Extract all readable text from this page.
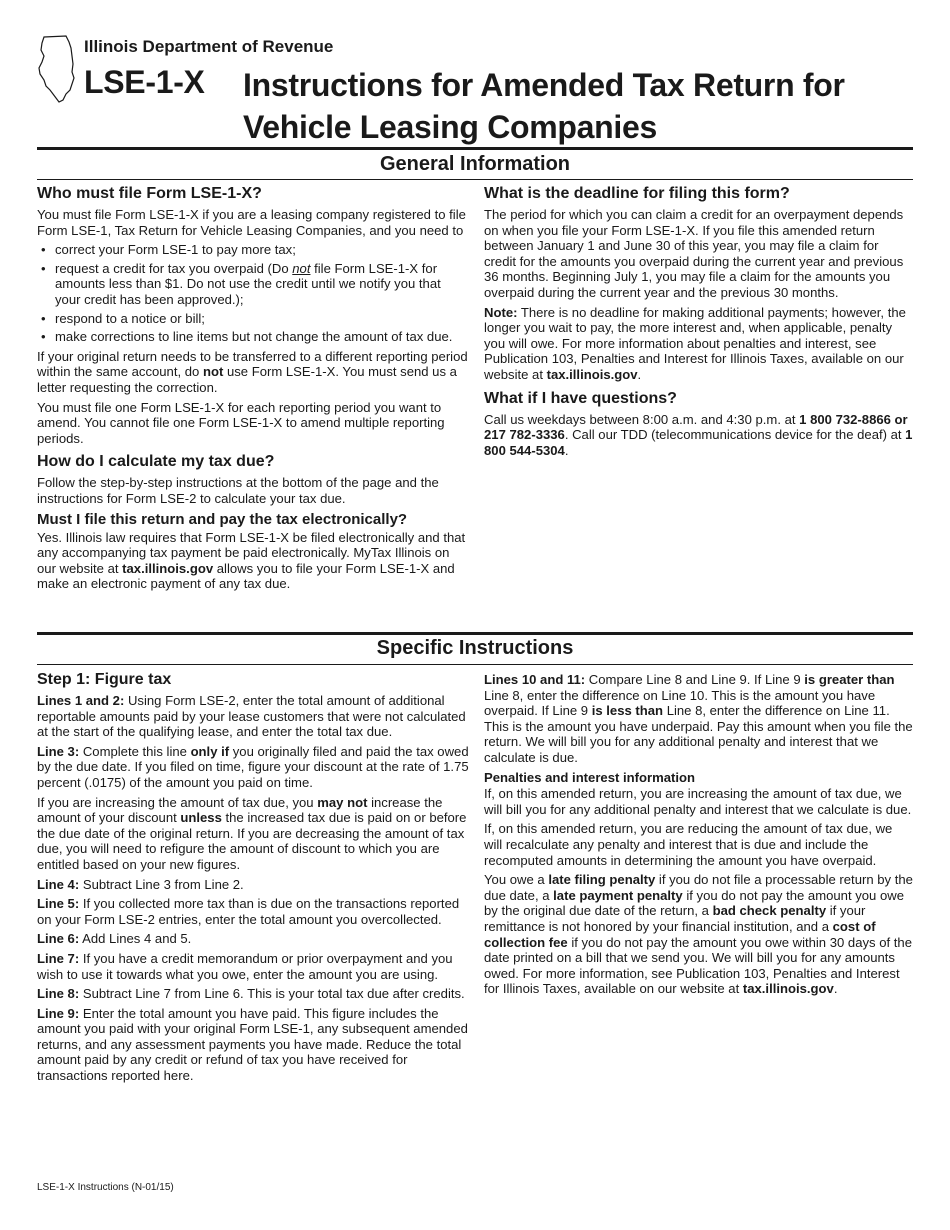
Illinois Department of Revenue
LSE-1-X Instructions for Amended Tax Return for
Vehicle Leasing Companies
General Information
Who must file Form LSE-1-X?

You must file Form LSE-1-X if you are a leasing company registered to file Form LSE-1, Tax Return for Vehicle Leasing Companies, and you need to

• correct your Form LSE-1 to pay more tax;
• request a credit for tax you overpaid (Do not file Form LSE-1-X for amounts less than $1. Do not use the credit until we notify you that your credit has been approved.);
• respond to a notice or bill;
• make corrections to line items but not change the amount of tax due.

If your original return needs to be transferred to a different reporting period within the same account, do not use Form LSE-1-X. You must send us a letter requesting the correction.

You must file one Form LSE-1-X for each reporting period you want to amend. You cannot file one Form LSE-1-X to amend multiple reporting periods.

How do I calculate my tax due?

Follow the step-by-step instructions at the bottom of the page and the instructions for Form LSE-2 to calculate your tax due.

Must I file this return and pay the tax electronically?

Yes. Illinois law requires that Form LSE-1-X be filed electronically and that any accompanying tax payment be paid electronically. MyTax Illinois on our website at tax.illinois.gov allows you to file your Form LSE-1-X and make an electronic payment of any tax due.

What is the deadline for filing this form?

The period for which you can claim a credit for an overpayment depends on when you file your Form LSE-1-X. If you file this amended return between January 1 and June 30 of this year, you may file a claim for credit for the amounts you overpaid during the current year and previous 36 months. Beginning July 1, you may file a claim for the amounts you overpaid during the current year and the previous 30 months.

Note: There is no deadline for making additional payments; however, the longer you wait to pay, the more interest and, when applicable, penalty you will owe. For more information about penalties and interest, see Publication 103, Penalties and Interest for Illinois Taxes, available on our website at tax.illinois.gov.

What if I have questions?

Call us weekdays between 8:00 a.m. and 4:30 p.m. at 1 800 732-8866 or 217 782-3336. Call our TDD (telecommunications device for the deaf) at 1 800 544-5304.

Specific Instructions
Step 1: Figure tax

Lines 1 and 2: Using Form LSE-2, enter the total amount of additional reportable amounts paid by your lease customers that were not calculated at the start of the qualifying lease, and enter the total tax due.

Line 3: Complete this line only if you originally filed and paid the tax owed by the due date. If you filed on time, figure your discount at the rate of 1.75 percent (.0175) of the amount you paid on time.

If you are increasing the amount of tax due, you may not increase the amount of your discount unless the increased tax due is paid on or before the due date of the original return. If you are decreasing the amount of tax due, you will need to refigure the amount of discount to which you are entitled based on your new figures.

Line 4: Subtract Line 3 from Line 2.

Line 5: If you collected more tax than is due on the transactions reported on your Form LSE-2 entries, enter the total amount you overcollected.

Line 6: Add Lines 4 and 5.

Line 7: If you have a credit memorandum or prior overpayment and you wish to use it towards what you owe, enter the amount you are using.

Line 8: Subtract Line 7 from Line 6. This is your total tax due after credits.

Line 9: Enter the total amount you have paid. This figure includes the amount you paid with your original Form LSE-1, any subsequent amended returns, and any assessment payments you have made. Reduce the total amount paid by any credit or refund of tax you have received for transactions reported here.

Lines 10 and 11: Compare Line 8 and Line 9. If Line 9 is greater than Line 8, enter the difference on Line 10. This is the amount you have overpaid. If Line 9 is less than Line 8, enter the difference on Line 11. This is the amount you have underpaid. Pay this amount when you file the return. We will bill you for any additional penalty and interest that we calculate is due.

Penalties and interest information

If, on this amended return, you are increasing the amount of tax due, we will bill you for any additional penalty and interest that we calculate is due.

If, on this amended return, you are reducing the amount of tax due, we will recalculate any penalty and interest that is due and include the recomputed amounts in determining the amount you have overpaid.

You owe a late filing penalty if you do not file a processable return by the due date, a late payment penalty if you do not pay the amount you owe by the original due date of the return, a bad check penalty if your remittance is not honored by your financial institution, and a cost of collection fee if you do not pay the amount you owe within 30 days of the date printed on a bill that we send you. We will bill you for any amounts owed. For more information, see Publication 103, Penalties and Interest for Illinois Taxes, available on our website at tax.illinois.gov.

LSE-1-X Instructions (N-01/15)
